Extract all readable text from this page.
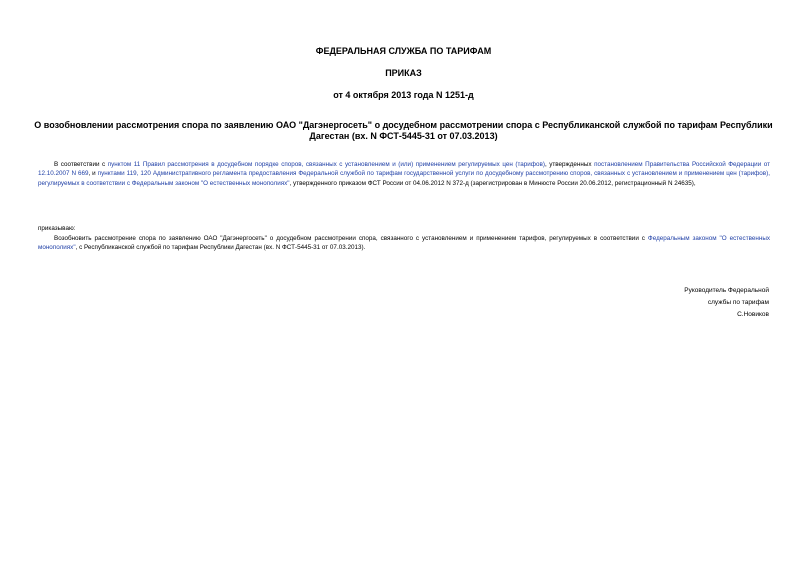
ФЕДЕРАЛЬНАЯ СЛУЖБА ПО ТАРИФАМ
ПРИКАЗ
от 4 октября 2013 года N 1251-д
О возобновлении рассмотрения спора по заявлению ОАО "Дагэнергосеть" о досудебном рассмотрении спора с Республиканской службой по тарифам Республики Дагестан (вх. N ФСТ-5445-31 от 07.03.2013)
В соответствии с пунктом 11 Правил рассмотрения в досудебном порядке споров, связанных с установлением и (или) применением регулируемых цен (тарифов), утвержденных постановлением Правительства Российской Федерации от 12.10.2007 N 669, и пунктами 119, 120 Административного регламента предоставления Федеральной службой по тарифам государственной услуги по досудебному рассмотрению споров, связанных с установлением и применением цен (тарифов), регулируемых в соответствии с Федеральным законом "О естественных монополиях", утвержденного приказом ФСТ России от 04.06.2012 N 372-д (зарегистрирован в Минюсте России 20.06.2012, регистрационный N 24635),
приказываю:
Возобновить рассмотрение спора по заявлению ОАО "Дагэнергосеть" о досудебном рассмотрении спора, связанного с установлением и применением тарифов, регулируемых в соответствии с Федеральным законом "О естественных монополиях", с Республиканской службой по тарифам Республики Дагестан (вх. N ФСТ-5445-31 от 07.03.2013).
Руководитель Федеральной
службы по тарифам
С.Новиков
